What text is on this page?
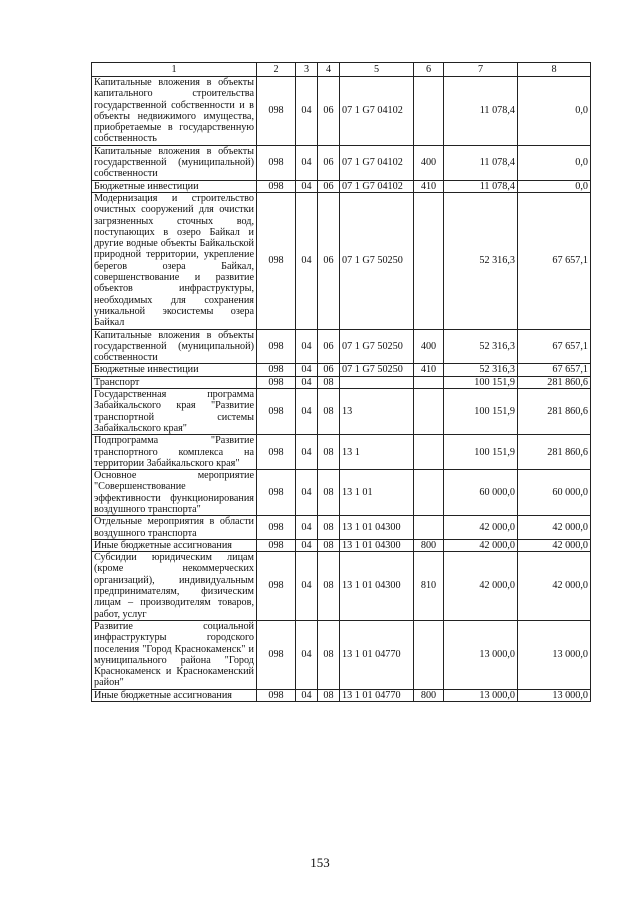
1	2	3	4	5	6	7	8
Капитальные вложения в объекты капитального строительства государственной собственности и в объекты недвижимого имущества, приобретаемые в государственную собственность	098	04	06	07 1 G7 04102		11 078,4	0,0
Капитальные вложения в объекты государственной (муниципальной) собственности	098	04	06	07 1 G7 04102	400	11 078,4	0,0
Бюджетные инвестиции	098	04	06	07 1 G7 04102	410	11 078,4	0,0
Модернизация и строительство очистных сооружений для очистки загрязненных сточных вод, поступающих в озеро Байкал и другие водные объекты Байкальской природной территории, укрепление берегов озера Байкал, совершенствование и развитие объектов инфраструктуры, необходимых для сохранения уникальной экосистемы озера Байкал	098	04	06	07 1 G7 50250		52 316,3	67 657,1
Капитальные вложения в объекты государственной (муниципальной) собственности	098	04	06	07 1 G7 50250	400	52 316,3	67 657,1
Бюджетные инвестиции	098	04	06	07 1 G7 50250	410	52 316,3	67 657,1
Транспорт	098	04	08			100 151,9	281 860,6
Государственная программа Забайкальского края "Развитие транспортной системы Забайкальского края"	098	04	08	13		100 151,9	281 860,6
Подпрограмма "Развитие транспортного комплекса на территории Забайкальского края"	098	04	08	13 1		100 151,9	281 860,6
Основное мероприятие "Совершенствование эффективности функционирования воздушного транспорта"	098	04	08	13 1 01		60 000,0	60 000,0
Отдельные мероприятия в области воздушного транспорта	098	04	08	13 1 01 04300		42 000,0	42 000,0
Иные бюджетные ассигнования	098	04	08	13 1 01 04300	800	42 000,0	42 000,0
Субсидии юридическим лицам (кроме некоммерческих организаций), индивидуальным предпринимателям, физическим лицам – производителям товаров, работ, услуг	098	04	08	13 1 01 04300	810	42 000,0	42 000,0
Развитие социальной инфраструктуры городского поселения "Город Краснокаменск" и муниципального района "Город Краснокаменск и Краснокаменский район"	098	04	08	13 1 01 04770		13 000,0	13 000,0
Иные бюджетные ассигнования	098	04	08	13 1 01 04770	800	13 000,0	13 000,0
153
